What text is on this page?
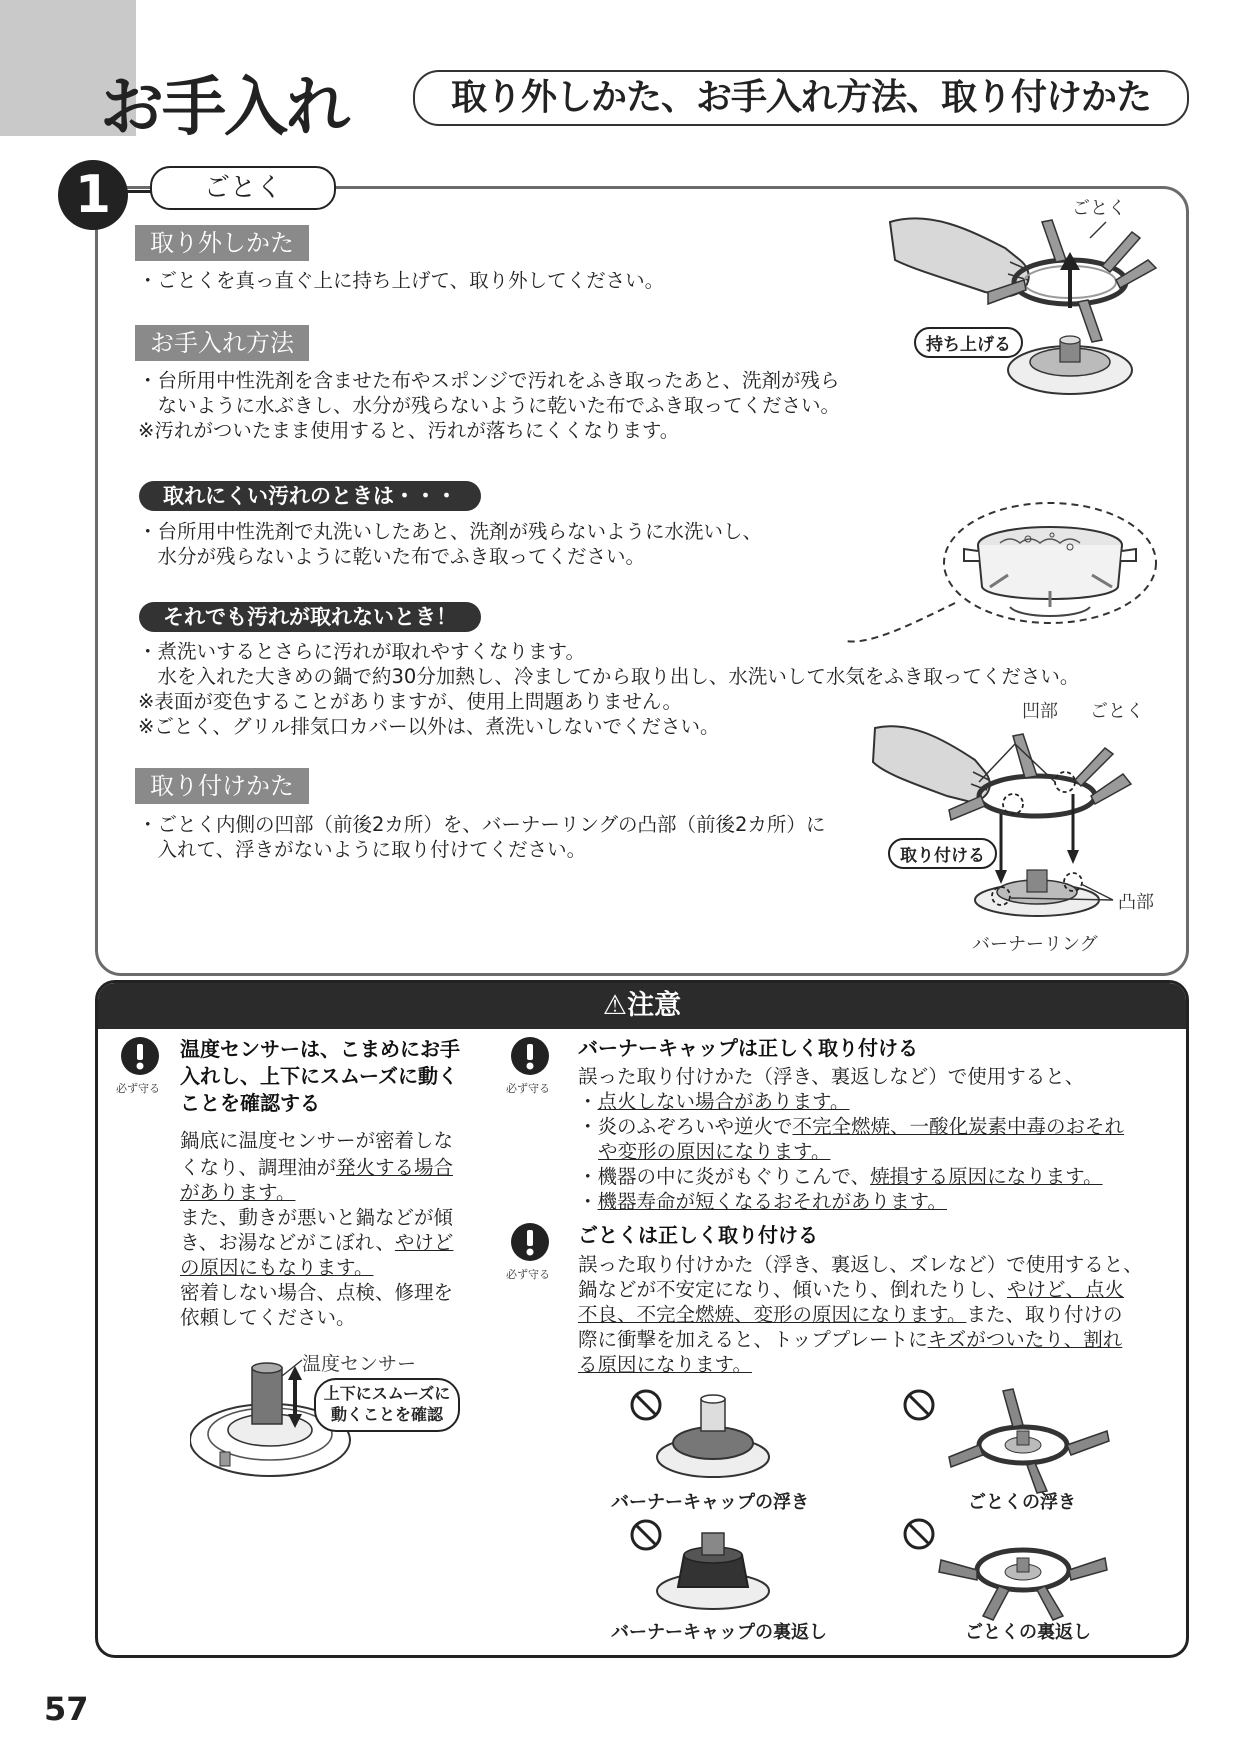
お手入れ	取り外しかた、お手入れ方法、取り付けかた
1	ごとく
取り外しかた
・ごとくを真っ直ぐ上に持ち上げて、取り外してください。
お手入れ方法
・台所用中性洗剤を含ませた布やスポンジで汚れをふき取ったあと、洗剤が残ら
　ないように水ぶきし、水分が残らないように乾いた布でふき取ってください。
※汚れがついたまま使用すると、汚れが落ちにくくなります。
取れにくい汚れのときは・・・
・台所用中性洗剤で丸洗いしたあと、洗剤が残らないように水洗いし、
　水分が残らないように乾いた布でふき取ってください。
それでも汚れが取れないとき！
・煮洗いするとさらに汚れが取れやすくなります。
　水を入れた大きめの鍋で約30分加熱し、冷ましてから取り出し、水洗いして水気をふき取ってください。
※表面が変色することがありますが、使用上問題ありません。
※ごとく、グリル排気口カバー以外は、煮洗いしないでください。
取り付けかた
・ごとく内側の凹部（前後2カ所）を、バーナーリングの凸部（前後2カ所）に
　入れて、浮きがないように取り付けてください。
ごとく
持ち上げる
凹部 ごとく
取り付ける
凸部
バーナーリング
⚠注意
必ず守る	必ず守る
必ず守る
温度センサーは、こまめにお手
入れし、上下にスムーズに動く
ことを確認する
鍋底に温度センサーが密着しな
くなり、調理油が発火する場合
があります。
また、動きが悪いと鍋などが傾
き、お湯などがこぼれ、やけど
の原因にもなります。
密着しない場合、点検、修理を
依頼してください。
温度センサー
上下にスムーズに
動くことを確認
バーナーキャップは正しく取り付ける
誤った取り付けかた（浮き、裏返しなど）で使用すると、
・点火しない場合があります。
・炎のふぞろいや逆火で不完全燃焼、一酸化炭素中毒のおそれ
や変形の原因になります。
・機器の中に炎がもぐりこんで、焼損する原因になります。
・機器寿命が短くなるおそれがあります。
ごとくは正しく取り付ける
誤った取り付けかた（浮き、裏返し、ズレなど）で使用すると、
鍋などが不安定になり、傾いたり、倒れたりし、やけど、点火
不良、不完全燃焼、変形の原因になります。また、取り付けの
際に衝撃を加えると、トッププレートにキズがついたり、割れ
る原因になります。
バーナーキャップの浮き	ごとくの浮き
バーナーキャップの裏返し	ごとくの裏返し
57
